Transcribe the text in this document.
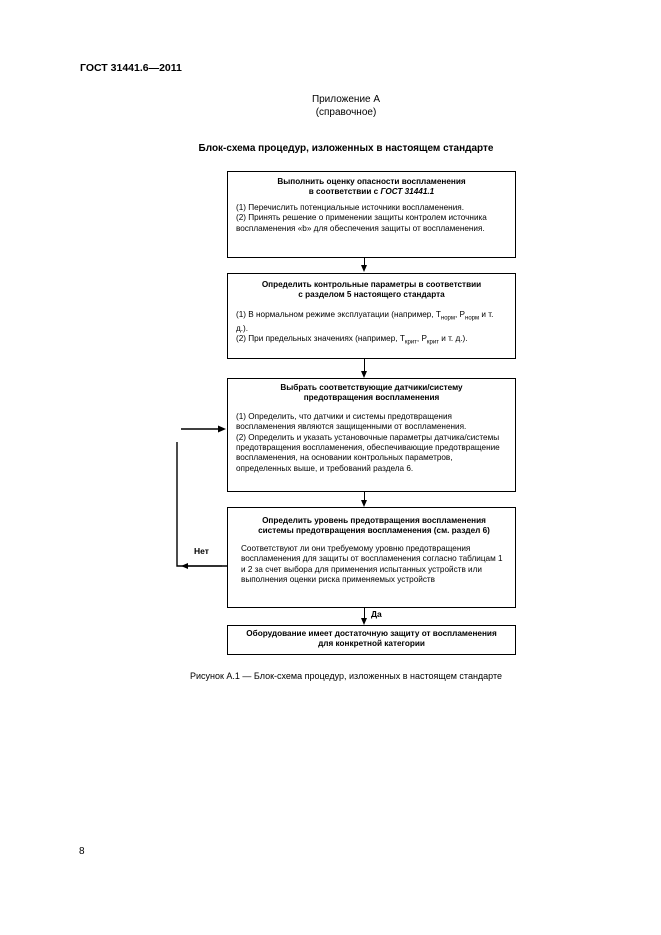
ГОСТ 31441.6—2011
Приложение А
(справочное)
Блок-схема процедур, изложенных в настоящем стандарте
Выполнить оценку опасности воспламенения
в соответствии с ГОСТ 31441.1

(1) Перечислить потенциальные источники воспламенения.

(2) Принять решение о применении защиты контролем источника воспламенения «b» для обеспечения защиты от воспламенения.

Определить контрольные параметры в соответствии
с разделом 5 настоящего стандарта

(1) В нормальном режиме эксплуатации (например, $T_{норм}$, $P_{норм}$ и т. д.).

(2) При предельных значениях (например, $T_{крит}$, $P_{крит}$ и т. д.).

Выбрать соответствующие датчики/систему
предотвращения воспламенения

(1) Определить, что датчики и системы предотвращения воспламенения являются защищенными от воспламенения.

(2) Определить и указать установочные параметры датчика/системы предотвращения воспламенения, обеспечивающие предотвращение воспламенения, на основании контрольных параметров, определенных выше, и требований раздела 6.

Определить уровень предотвращения воспламенения
системы предотвращения воспламенения (см. раздел 6)

Соответствуют ли они требуемому уровню предотвращения воспламенения для защиты от воспламенения согласно таблицам 1 и 2 за счет выбора для применения испытанных устройств или выполнения оценки риска применяемых устройств

Да
Оборудование имеет достаточную защиту от воспламенения
для конкретной категории
Нет
Рисунок А.1 — Блок-схема процедур, изложенных в настоящем стандарте
8
